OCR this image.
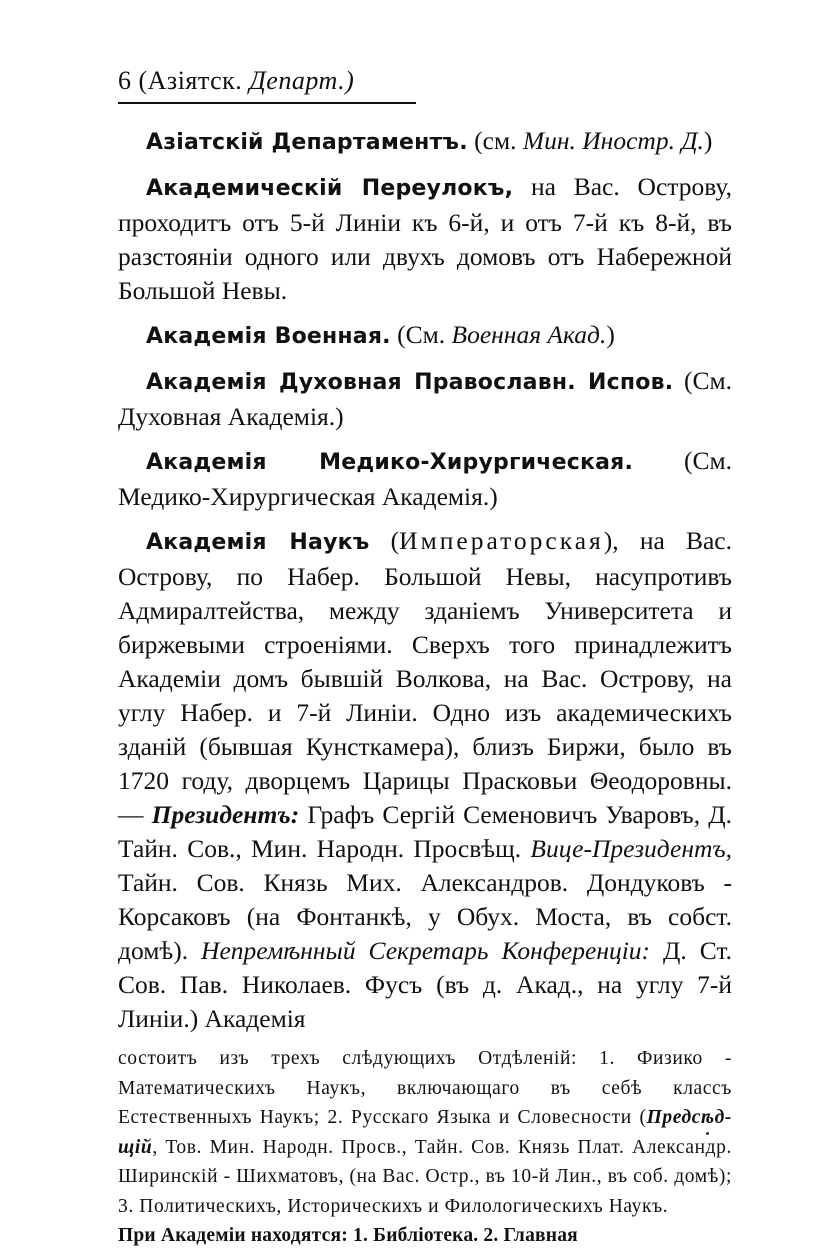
6 (Азiятск. Департ.)

Азiатскiй Департаментъ. (см. Мин. Иностр. Д.)

Академическiй Переулокъ, на Вас. Острову, проходитъ отъ 5-й Линiи къ 6-й, и отъ 7-й къ 8-й, въ разстоянiи одного или двухъ домовъ отъ Набережной Большой Невы.

Академiя Военная. (См. Военная Акад.)

Академiя Духовная Православн. Испов. (См. Духовная Академiя.)

Академiя Медико-Хирургическая. (См. Медико-Хирургическая Академiя.)

Академiя Наукъ (Императорская), на Вас. Острову, по Набер. Большой Невы, насупротивъ Адмиралтейства, между зданiемъ Университета и биржевыми строенiями. Сверхъ того принадлежитъ Академiи домъ бывшiй Волкова, на Вас. Острову, на углу Набер. и 7-й Линiи. Одно изъ академическихъ зданiй (бывшая Кунсткамера), близъ Биржи, было въ 1720 году, дворцемъ Царицы Прасковьи Θеодоровны. — Президентъ: Графъ Сергiй Семеновичъ Уваровъ, Д. Тайн. Сов., Мин. Народн. Просвѣщ. Вице-Президентъ, Тайн. Сов. Князь Мих. Александров. Дондуковъ - Корсаковъ (на Фонтанкѣ, у Обух. Моста, въ собст. домѣ). Непремѣнный Секретарь Конференцiи: Д. Ст. Сов. Пав. Николаев. Фусъ (въ д. Акад., на углу 7-й Линiи.) Академiя

состоитъ изъ трехъ слѣдующихъ Отдѣленiй: 1. Физико - Математическихъ Наукъ, включающаго въ себѣ классъ Естественныхъ Наукъ; 2. Русскаго Языка и Словесности (Предсѣд-щiй, Тов. Мин. Народн. Просв., Тайн. Сов. Князь Плат. Александр. Ширинскiй - Шихматовъ, (на Вас. Остр., въ 10-й Лин., въ соб. домѣ); 3. Политическихъ, Историческихъ и Филологическихъ Наукъ.
При Академiи находятся: 1. Библiотека. 2. Главная
